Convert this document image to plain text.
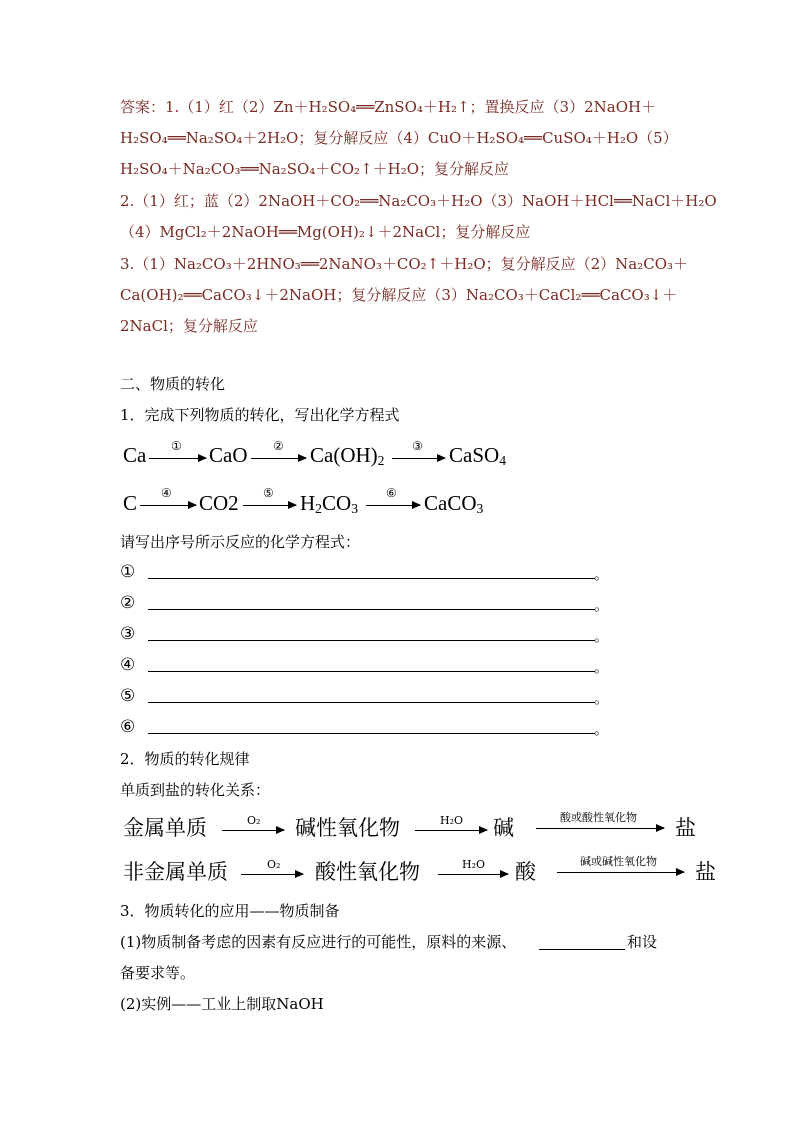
答案：1.（1）红（2）Zn＋H₂SO₄══ZnSO₄＋H₂↑；置换反应（3）2NaOH＋
H₂SO₄══Na₂SO₄＋2H₂O；复分解反应（4）CuO＋H₂SO₄══CuSO₄＋H₂O（5）
H₂SO₄＋Na₂CO₃══Na₂SO₄＋CO₂↑＋H₂O；复分解反应
2.（1）红；蓝（2）2NaOH＋CO₂══Na₂CO₃＋H₂O（3）NaOH＋HCl══NaCl＋H₂O
（4）MgCl₂＋2NaOH══Mg(OH)₂↓＋2NaCl；复分解反应
3.（1）Na₂CO₃＋2HNO₃══2NaNO₃＋CO₂↑＋H₂O；复分解反应（2）Na₂CO₃＋
Ca(OH)₂══CaCO₃↓＋2NaOH；复分解反应（3）Na₂CO₃＋CaCl₂══CaCO₃↓＋
2NaCl；复分解反应
二、物质的转化
1．完成下列物质的转化，写出化学方程式
Ca ① CaO ② $Ca(OH)_2$
③ CaSO$_4$
C ④ CO2 ⑤ $H_2CO_3$
⑥ CaCO$_3$
请写出序号所示反应的化学方程式：
①	。
②	。
③	。
④	。
⑤	。
⑥	。
2．物质的转化规律
单质到盐的转化关系：
金属单质	O₂ 碱性氧化物	H₂O 碱	酸或酸性氧化物 盐
非金属单质	O₂ 酸性氧化物	H₂O 酸	碱或碱性氧化物 盐
3．物质转化的应用——物质制备
(1)物质制备考虑的因素有反应进行的可能性，原料的来源、	和设
备要求等。
(2)实例——工业上制取NaOH
